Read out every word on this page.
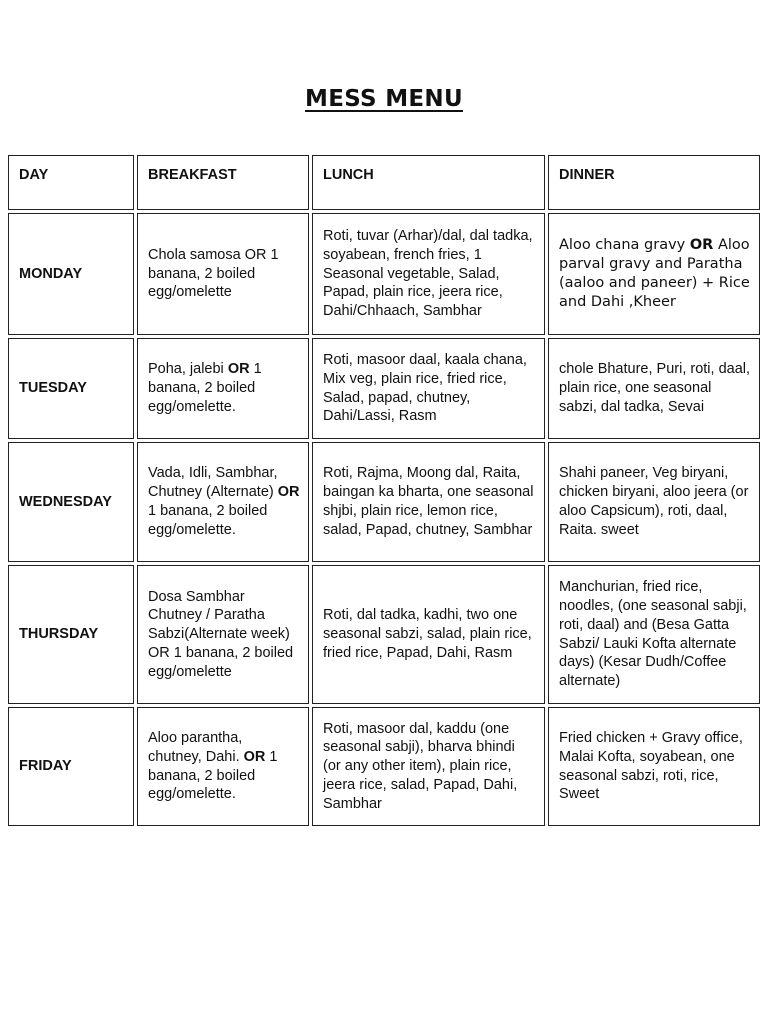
MESS MENU
DAY	BREAKFAST	LUNCH	DINNER
MONDAY	Chola samosa OR 1 banana, 2 boiled egg/omelette	Roti, tuvar (Arhar)/dal, dal tadka, soyabean, french fries, 1 Seasonal vegetable, Salad, Papad, plain rice, jeera rice, Dahi/Chhaach, Sambhar	Aloo chana gravy OR Aloo parval gravy and Paratha (aaloo and paneer) + Rice and Dahi ,Kheer
TUESDAY	Poha, jalebi OR 1 banana, 2 boiled egg/omelette.	Roti, masoor daal, kaala chana, Mix veg, plain rice, fried rice, Salad, papad, chutney, Dahi/Lassi, Rasm	chole Bhature, Puri, roti, daal, plain rice, one seasonal sabzi, dal tadka, Sevai
WEDNESDAY	Vada, Idli, Sambhar, Chutney (Alternate) OR 1 banana, 2 boiled egg/omelette.	Roti, Rajma, Moong dal, Raita, baingan ka bharta, one seasonal shjbi, plain rice, lemon rice, salad, Papad, chutney, Sambhar	Shahi paneer, Veg biryani, chicken biryani, aloo jeera (or aloo Capsicum), roti, daal, Raita. sweet
THURSDAY	Dosa Sambhar Chutney / Paratha Sabzi(Alternate week) OR 1 banana, 2 boiled egg/omelette	Roti, dal tadka, kadhi, two one seasonal sabzi, salad, plain rice, fried rice, Papad, Dahi, Rasm	Manchurian, fried rice, noodles, (one seasonal sabji, roti, daal) and (Besa Gatta Sabzi/ Lauki Kofta alternate days) (Kesar Dudh/Coffee alternate)
FRIDAY	Aloo parantha, chutney, Dahi. OR 1 banana, 2 boiled egg/omelette.	Roti, masoor dal, kaddu (one seasonal sabji), bharva bhindi (or any other item), plain rice, jeera rice, salad, Papad, Dahi, Sambhar	Fried chicken + Gravy office, Malai Kofta, soyabean, one seasonal sabzi, roti, rice, Sweet
